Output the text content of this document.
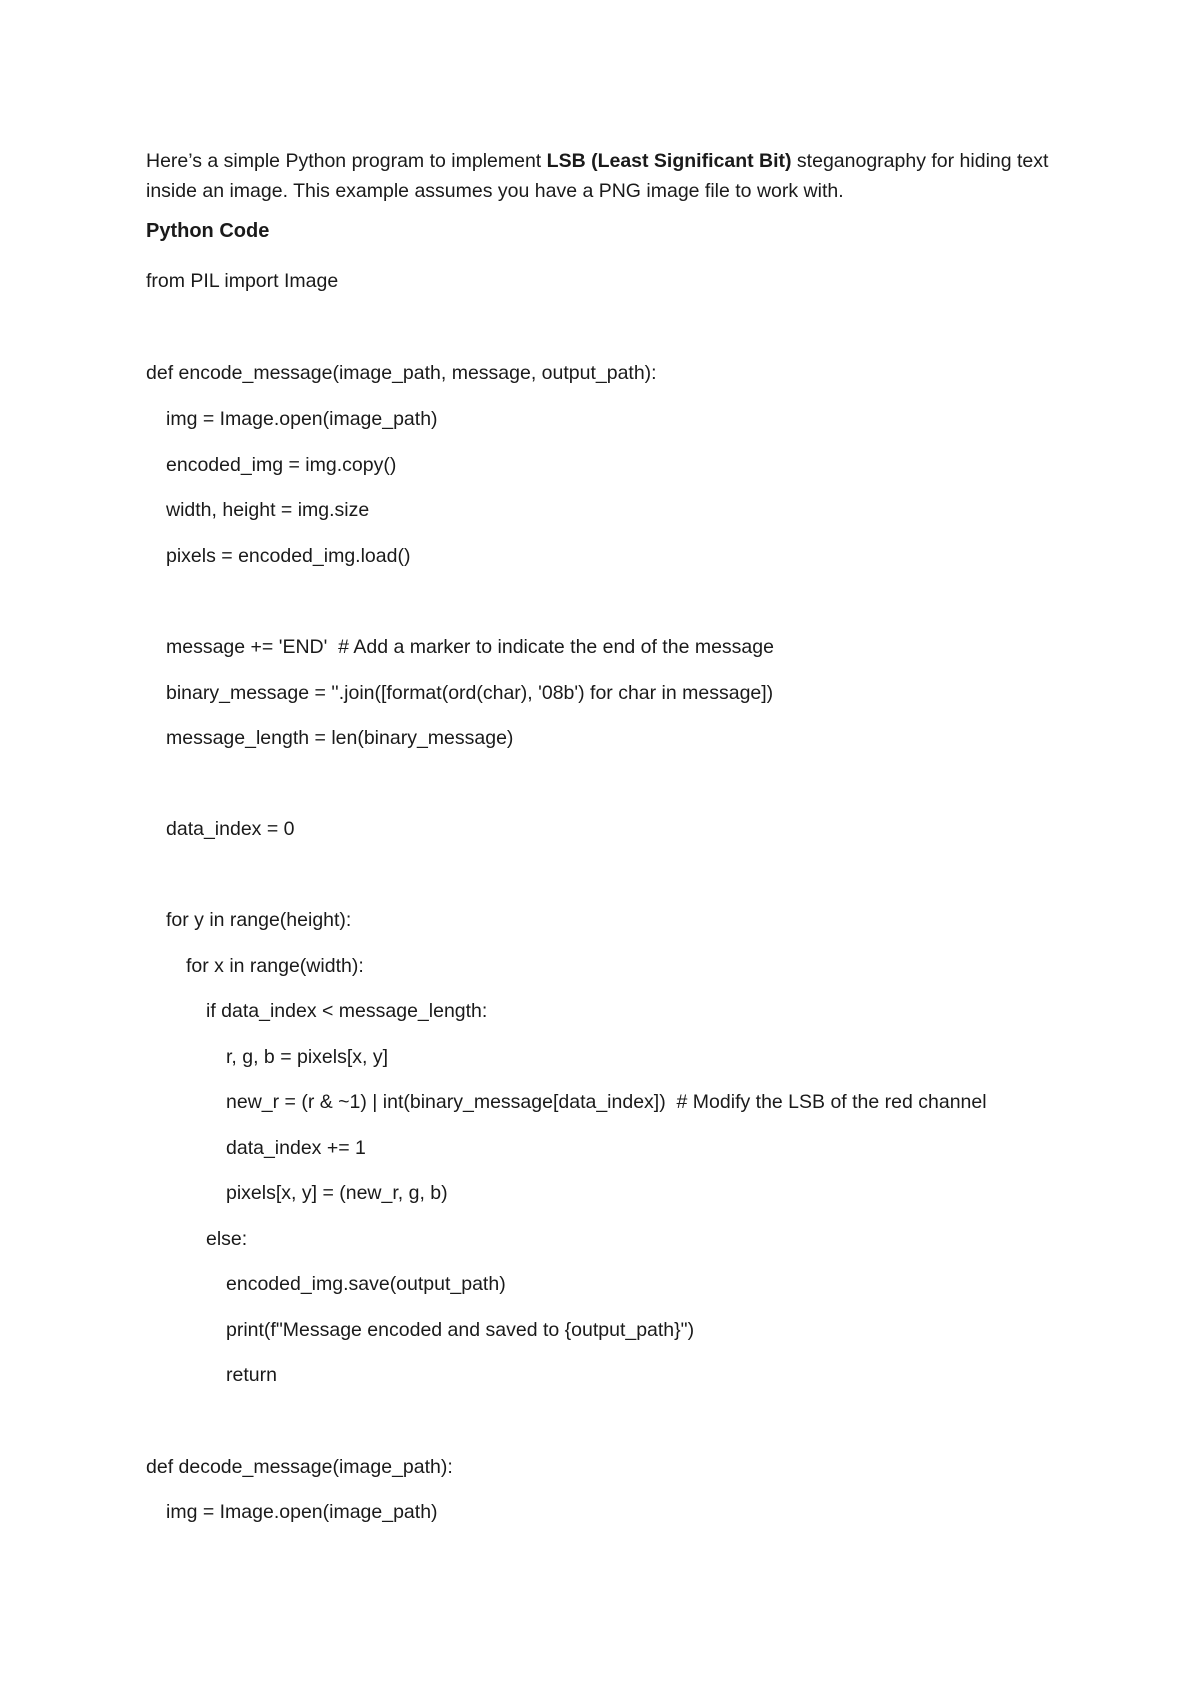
Here’s a simple Python program to implement LSB (Least Significant Bit) steganography for hiding text inside an image. This example assumes you have a PNG image file to work with.

Python Code

from PIL import Image

def encode_message(image_path, message, output_path):

img = Image.open(image_path)

encoded_img = img.copy()

width, height = img.size

pixels = encoded_img.load()

message += 'END'  # Add a marker to indicate the end of the message

binary_message = ''.join([format(ord(char), '08b') for char in message])

message_length = len(binary_message)

data_index = 0

for y in range(height):

for x in range(width):

if data_index < message_length:

r, g, b = pixels[x, y]

new_r = (r & ~1) | int(binary_message[data_index])  # Modify the LSB of the red channel

data_index += 1

pixels[x, y] = (new_r, g, b)

else:

encoded_img.save(output_path)

print(f"Message encoded and saved to {output_path}")

return

def decode_message(image_path):

img = Image.open(image_path)
